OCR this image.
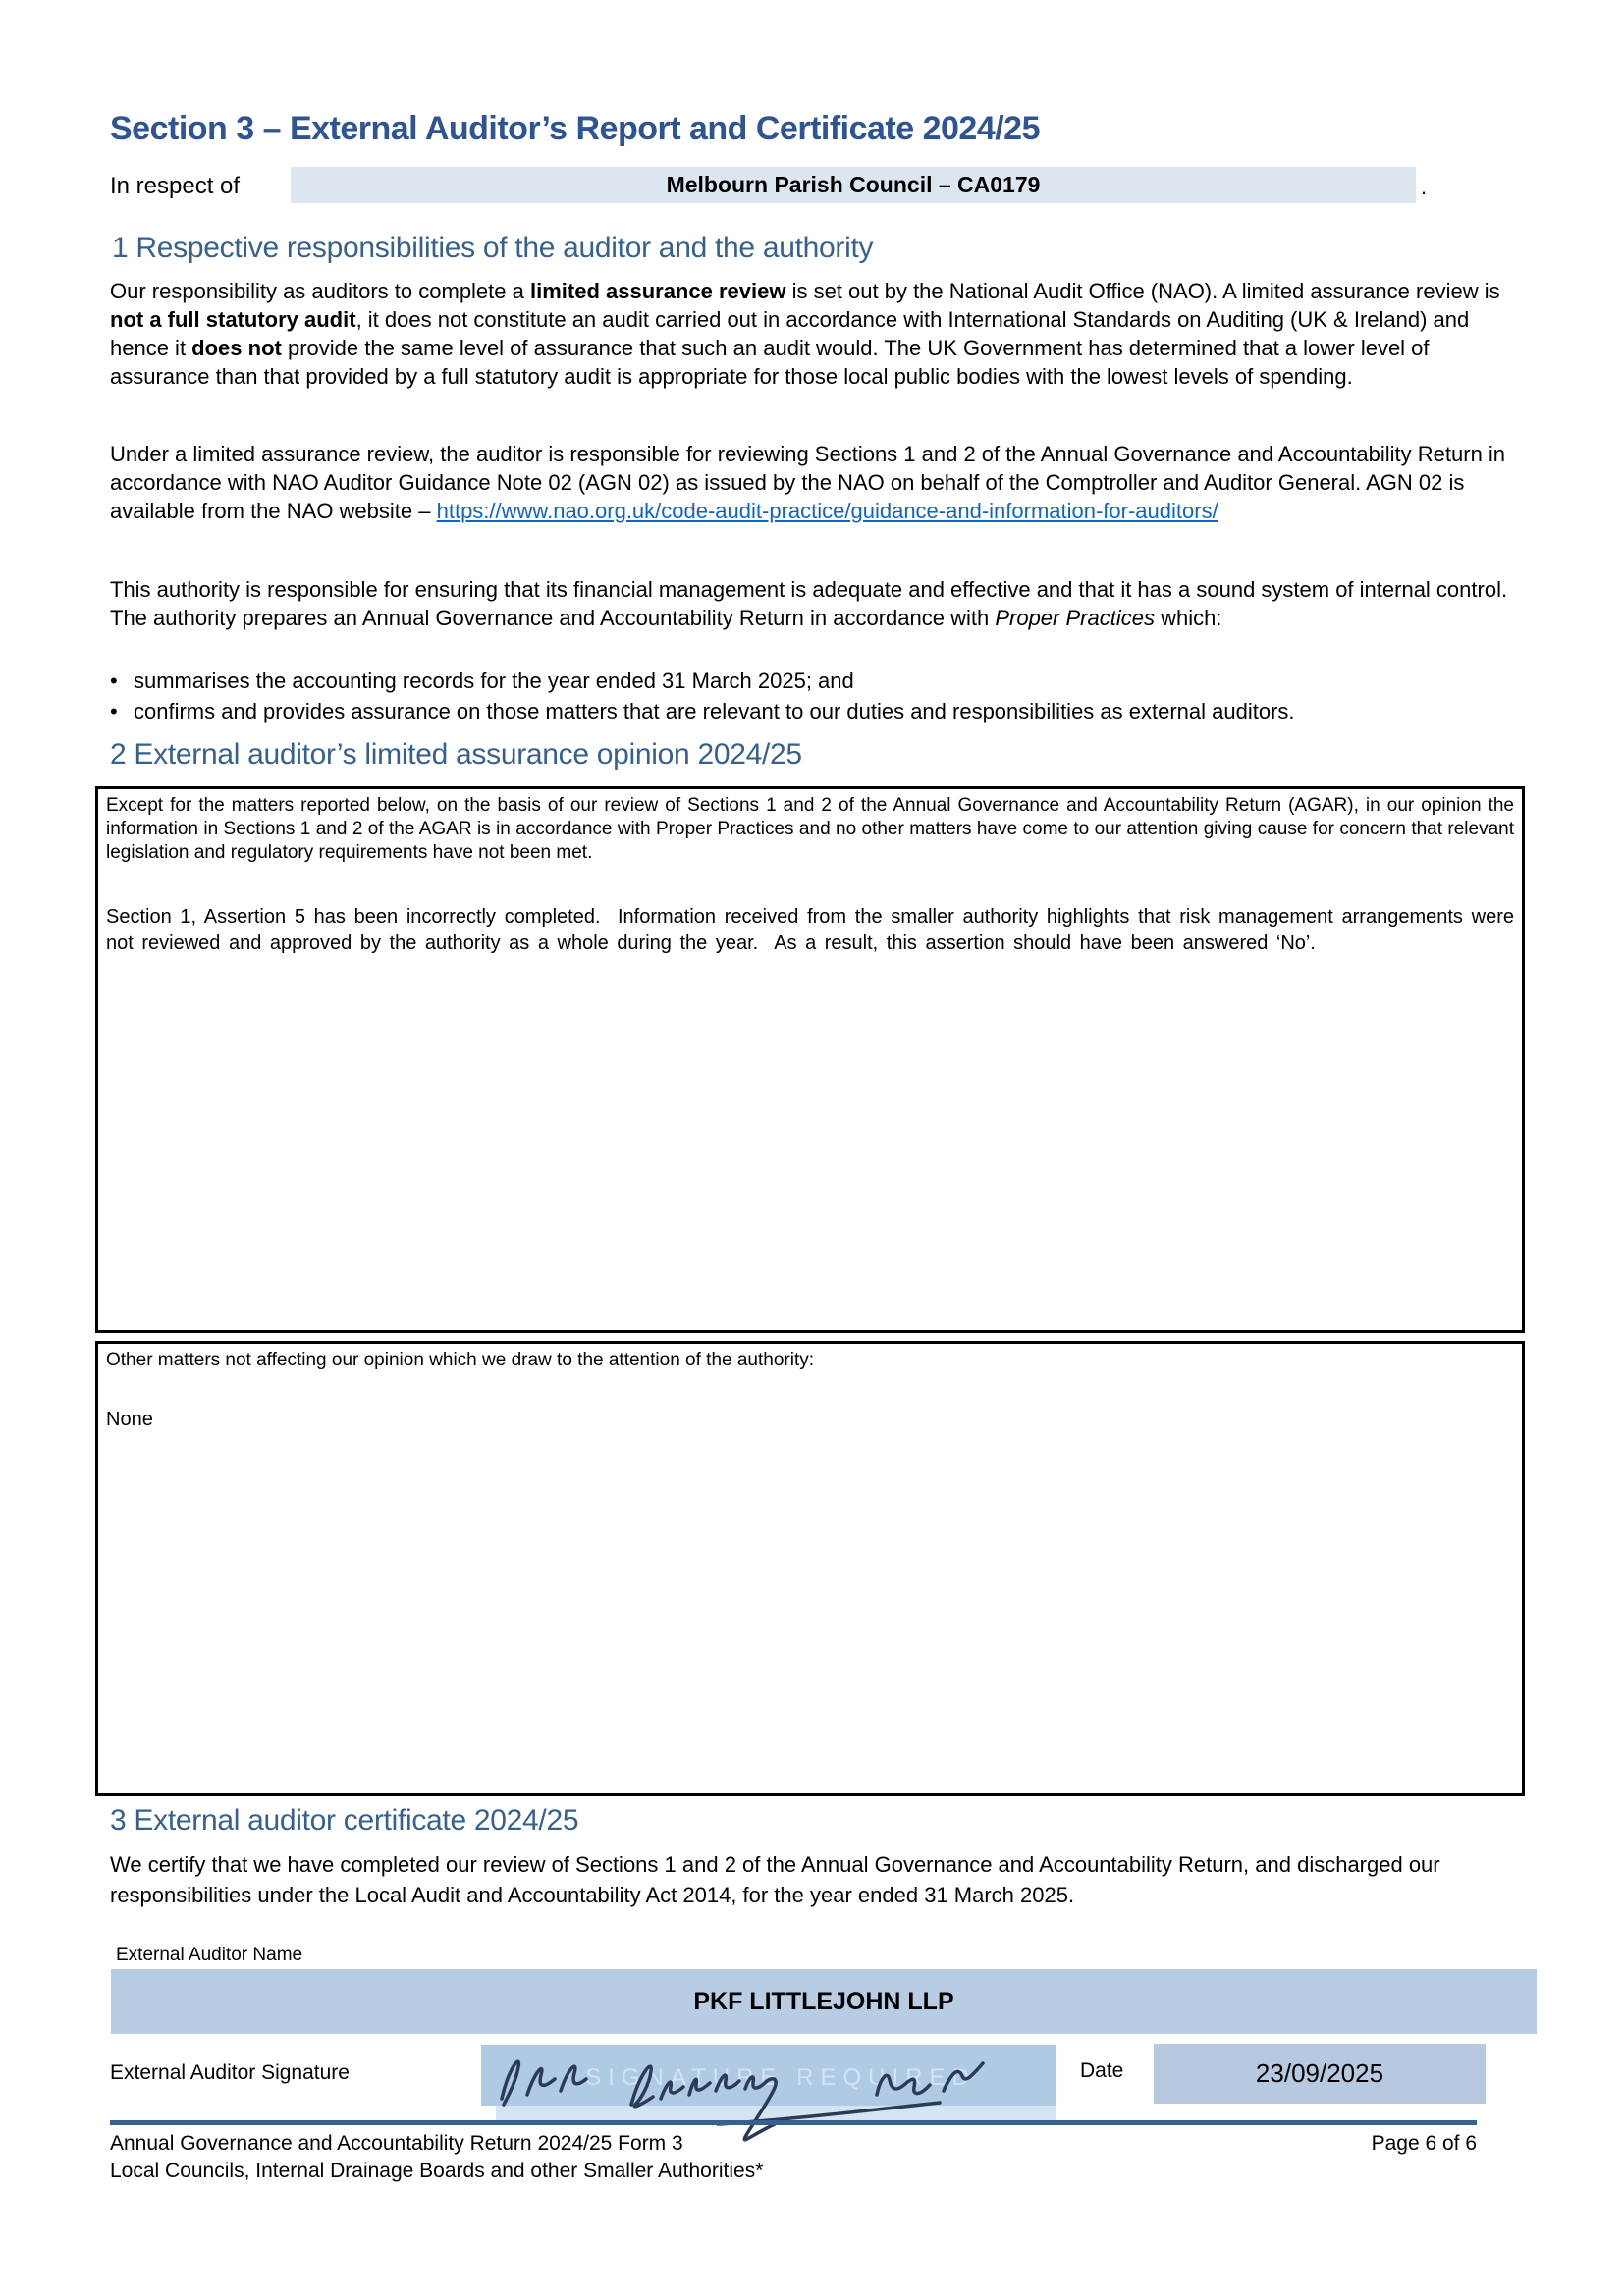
Section 3 – External Auditor’s Report and Certificate 2024/25
In respect of	Melbourn Parish Council – CA0179	.
1 Respective responsibilities of the auditor and the authority
Our responsibility as auditors to complete a limited assurance review is set out by the National Audit Office (NAO). A limited assurance review is not a full statutory audit, it does not constitute an audit carried out in accordance with International Standards on Auditing (UK & Ireland) and hence it does not provide the same level of assurance that such an audit would. The UK Government has determined that a lower level of assurance than that provided by a full statutory audit is appropriate for those local public bodies with the lowest levels of spending.
Under a limited assurance review, the auditor is responsible for reviewing Sections 1 and 2 of the Annual Governance and Accountability Return in accordance with NAO Auditor Guidance Note 02 (AGN 02) as issued by the NAO on behalf of the Comptroller and Auditor General. AGN 02 is available from the NAO website – https://www.nao.org.uk/code-audit-practice/guidance-and-information-for-auditors/
This authority is responsible for ensuring that its financial management is adequate and effective and that it has a sound system of internal control. The authority prepares an Annual Governance and Accountability Return in accordance with Proper Practices which:
• summarises the accounting records for the year ended 31 March 2025; and
• confirms and provides assurance on those matters that are relevant to our duties and responsibilities as external auditors.
2 External auditor’s limited assurance opinion 2024/25
Except for the matters reported below, on the basis of our review of Sections 1 and 2 of the Annual Governance and Accountability Return (AGAR), in our opinion the information in Sections 1 and 2 of the AGAR is in accordance with Proper Practices and no other matters have come to our attention giving cause for concern that relevant legislation and regulatory requirements have not been met.
Section 1, Assertion 5 has been incorrectly completed.  Information received from the smaller authority highlights that risk management arrangements were not reviewed and approved by the authority as a whole during the year.  As a result, this assertion should have been answered ‘No’.
Other matters not affecting our opinion which we draw to the attention of the authority:
None
3 External auditor certificate 2024/25
We certify that we have completed our review of Sections 1 and 2 of the Annual Governance and Accountability Return, and discharged our responsibilities under the Local Audit and Accountability Act 2014, for the year ended 31 March 2025.
External Auditor Name
PKF LITTLEJOHN LLP
External Auditor Signature	SIGNATURE REQUIRED	Date	23/09/2025
Annual Governance and Accountability Return 2024/25 Form 3	Page 6 of 6
Local Councils, Internal Drainage Boards and other Smaller Authorities*
